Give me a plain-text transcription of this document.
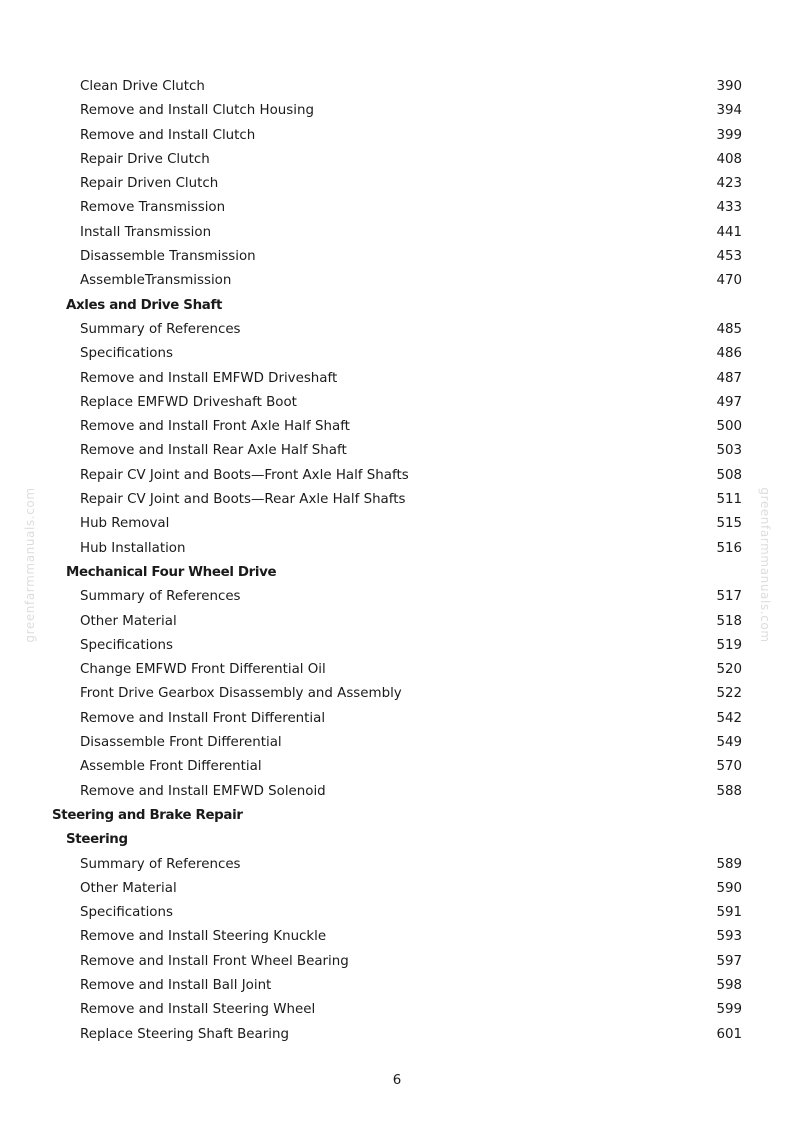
Clean Drive Clutch	390
Remove and Install Clutch Housing	394
Remove and Install Clutch	399
Repair Drive Clutch	408
Repair Driven Clutch	423
Remove Transmission	433
Install Transmission	441
Disassemble Transmission	453
AssembleTransmission	470
Axles and Drive Shaft
Summary of References	485
Specifications	486
Remove and Install EMFWD Driveshaft	487
Replace EMFWD Driveshaft Boot	497
Remove and Install Front Axle Half Shaft	500
Remove and Install Rear Axle Half Shaft	503
Repair CV Joint and Boots—Front Axle Half Shafts	508
Repair CV Joint and Boots—Rear Axle Half Shafts	511
Hub Removal	515
Hub Installation	516
Mechanical Four Wheel Drive
Summary of References	517
Other Material	518
Specifications	519
Change EMFWD Front Differential Oil	520
Front Drive Gearbox Disassembly and Assembly	522
Remove and Install Front Differential	542
Disassemble Front Differential	549
Assemble Front Differential	570
Remove and Install EMFWD Solenoid	588
Steering and Brake Repair
Steering
Summary of References	589
Other Material	590
Specifications	591
Remove and Install Steering Knuckle	593
Remove and Install Front Wheel Bearing	597
Remove and Install Ball Joint	598
Remove and Install Steering Wheel	599
Replace Steering Shaft Bearing	601
greenfarmmanuals.com	greenfarmmanuals.com
6
